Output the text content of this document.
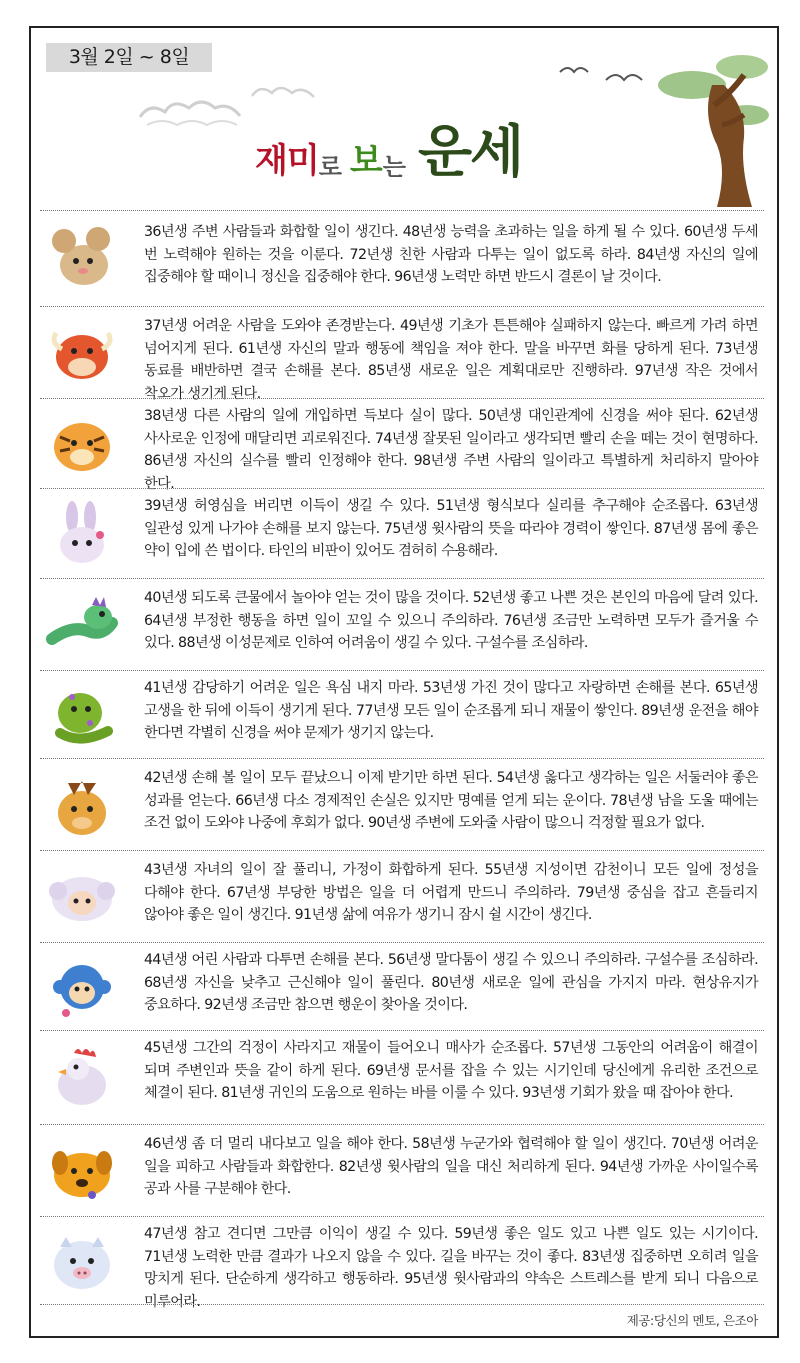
3월 2일 ~ 8일
재미 로 보 는 운세
36년생 주변 사람들과 화합할 일이 생긴다. 48년생 능력을 초과하는 일을 하게 될 수 있다. 60년생 두세 번 노력해야 원하는 것을 이룬다. 72년생 친한 사람과 다투는 일이 없도록 하라. 84년생 자신의 일에 집중해야 할 때이니 정신을 집중해야 한다. 96년생 노력만 하면 반드시 결론이 날 것이다.
37년생 어려운 사람을 도와야 존경받는다. 49년생 기초가 튼튼해야 실패하지 않는다. 빠르게 가려 하면 넘어지게 된다. 61년생 자신의 말과 행동에 책임을 져야 한다. 말을 바꾸면 화를 당하게 된다. 73년생 동료를 배반하면 결국 손해를 본다. 85년생 새로운 일은 계획대로만 진행하라. 97년생 작은 것에서 착오가 생기게 된다.
38년생 다른 사람의 일에 개입하면 득보다 실이 많다. 50년생 대인관계에 신경을 써야 된다. 62년생 사사로운 인정에 매달리면 괴로워진다. 74년생 잘못된 일이라고 생각되면 빨리 손을 떼는 것이 현명하다. 86년생 자신의 실수를 빨리 인정해야 한다. 98년생 주변 사람의 일이라고 특별하게 처리하지 말아야 한다.
39년생 허영심을 버리면 이득이 생길 수 있다. 51년생 형식보다 실리를 추구해야 순조롭다. 63년생 일관성 있게 나가야 손해를 보지 않는다. 75년생 윗사람의 뜻을 따라야 경력이 쌓인다. 87년생 몸에 좋은 약이 입에 쓴 법이다. 타인의 비판이 있어도 겸허히 수용해라.
40년생 되도록 큰물에서 놀아야 얻는 것이 많을 것이다. 52년생 좋고 나쁜 것은 본인의 마음에 달려 있다. 64년생 부정한 행동을 하면 일이 꼬일 수 있으니 주의하라. 76년생 조금만 노력하면 모두가 즐거울 수 있다. 88년생 이성문제로 인하여 어려움이 생길 수 있다. 구설수를 조심하라.
41년생 감당하기 어려운 일은 욕심 내지 마라. 53년생 가진 것이 많다고 자랑하면 손해를 본다. 65년생 고생을 한 뒤에 이득이 생기게 된다. 77년생 모든 일이 순조롭게 되니 재물이 쌓인다. 89년생 운전을 해야 한다면 각별히 신경을 써야 문제가 생기지 않는다.
42년생 손해 볼 일이 모두 끝났으니 이제 받기만 하면 된다. 54년생 옳다고 생각하는 일은 서둘러야 좋은 성과를 얻는다. 66년생 다소 경제적인 손실은 있지만 명예를 얻게 되는 운이다. 78년생 남을 도울 때에는 조건 없이 도와야 나중에 후회가 없다. 90년생 주변에 도와줄 사람이 많으니 걱정할 필요가 없다.
43년생 자녀의 일이 잘 풀리니, 가정이 화합하게 된다. 55년생 지성이면 감천이니 모든 일에 정성을 다해야 한다. 67년생 부당한 방법은 일을 더 어렵게 만드니 주의하라. 79년생 중심을 잡고 흔들리지 않아야 좋은 일이 생긴다. 91년생 삶에 여유가 생기니 잠시 쉴 시간이 생긴다.
44년생 어린 사람과 다투면 손해를 본다. 56년생 말다툼이 생길 수 있으니 주의하라. 구설수를 조심하라. 68년생 자신을 낮추고 근신해야 일이 풀린다. 80년생 새로운 일에 관심을 가지지 마라. 현상유지가 중요하다. 92년생 조금만 참으면 행운이 찾아올 것이다.
45년생 그간의 걱정이 사라지고 재물이 들어오니 매사가 순조롭다. 57년생 그동안의 어려움이 해결이 되며 주변인과 뜻을 같이 하게 된다. 69년생 문서를 잡을 수 있는 시기인데 당신에게 유리한 조건으로 체결이 된다. 81년생 귀인의 도움으로 원하는 바를 이룰 수 있다. 93년생 기회가 왔을 때 잡아야 한다.
46년생 좀 더 멀리 내다보고 일을 해야 한다. 58년생 누군가와 협력해야 할 일이 생긴다. 70년생 어려운 일을 피하고 사람들과 화합한다. 82년생 윗사람의 일을 대신 처리하게 된다. 94년생 가까운 사이일수록 공과 사를 구분해야 한다.
47년생 참고 견디면 그만큼 이익이 생길 수 있다. 59년생 좋은 일도 있고 나쁜 일도 있는 시기이다. 71년생 노력한 만큼 결과가 나오지 않을 수 있다. 길을 바꾸는 것이 좋다. 83년생 집중하면 오히려 일을 망치게 된다. 단순하게 생각하고 행동하라. 95년생 윗사람과의 약속은 스트레스를 받게 되니 다음으로 미루어라.
제공:당신의 멘토, 은조아
